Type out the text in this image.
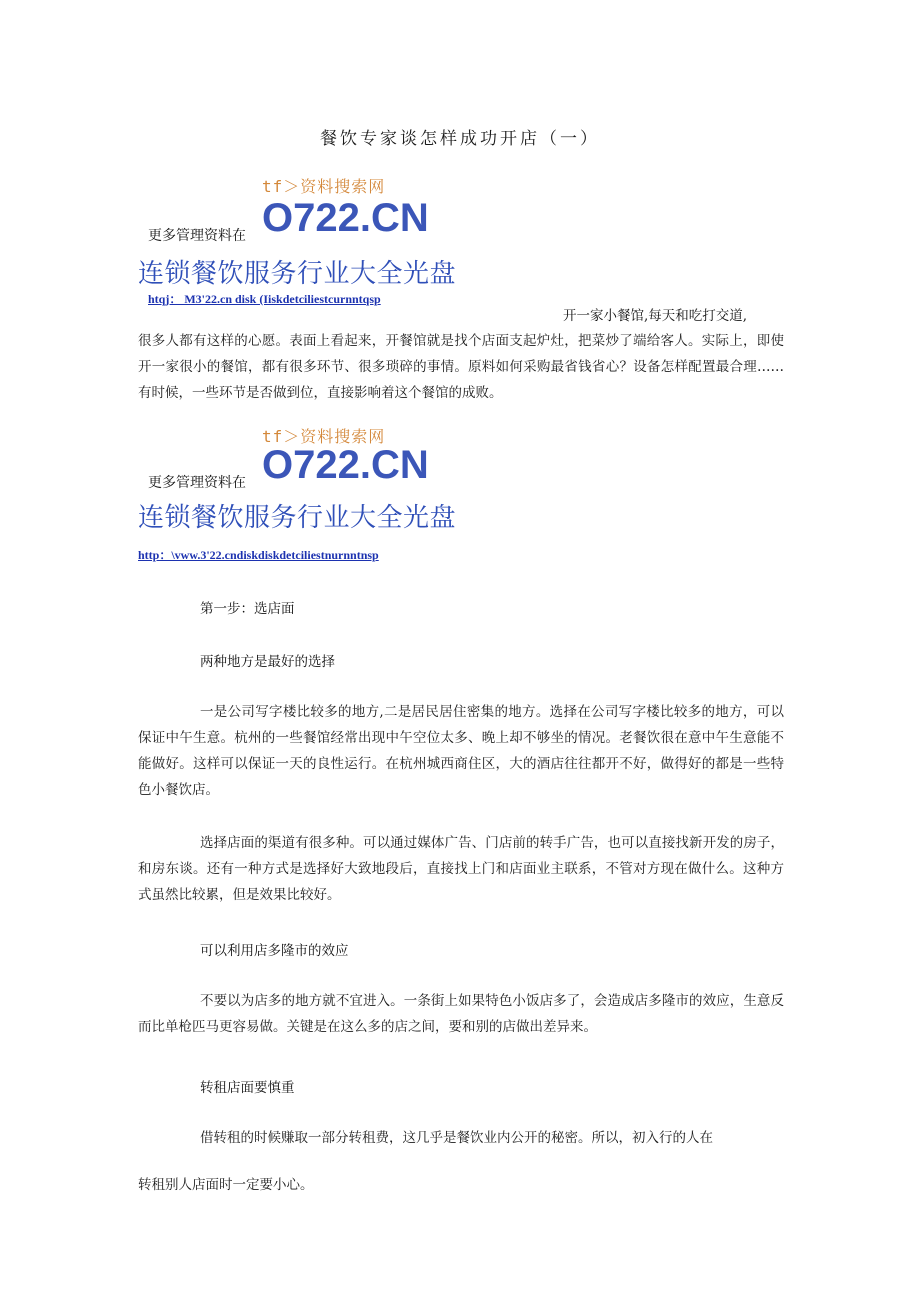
餐饮专家谈怎样成功开店（一）
tf＞资料搜索网
更多管理资料在 O722.CN
连锁餐饮服务行业大全光盘
htqj： M3'22.cn disk (Iiskdetciliestcurnntqsp
开一家小餐馆,每天和吃打交道,
很多人都有这样的心愿。表面上看起来，开餐馆就是找个店面支起炉灶，把菜炒了端给客人。实际上，即使开一家很小的餐馆，都有很多环节、很多琐碎的事情。原料如何采购最省钱省心？设备怎样配置最合理……有时候，一些环节是否做到位，直接影响着这个餐馆的成败。
tf＞资料搜索网
更多管理资料在 O722.CN
连锁餐饮服务行业大全光盘
http：\vww.3'22.cndiskdiskdetciliestnurnntnsp
第一步：选店面
两种地方是最好的选择
一是公司写字楼比较多的地方,二是居民居住密集的地方。选择在公司写字楼比较多的地方，可以保证中午生意。杭州的一些餐馆经常出现中午空位太多、晚上却不够坐的情况。老餐饮很在意中午生意能不能做好。这样可以保证一天的良性运行。在杭州城西商住区，大的酒店往往都开不好，做得好的都是一些特色小餐饮店。
选择店面的渠道有很多种。可以通过媒体广告、门店前的转手广告，也可以直接找新开发的房子，和房东谈。还有一种方式是选择好大致地段后，直接找上门和店面业主联系，不管对方现在做什么。这种方式虽然比较累，但是效果比较好。
可以利用店多隆市的效应
不要以为店多的地方就不宜进入。一条街上如果特色小饭店多了，会造成店多隆市的效应，生意反而比单枪匹马更容易做。关键是在这么多的店之间，要和别的店做出差异来。
转租店面要慎重
借转租的时候赚取一部分转租费，这几乎是餐饮业内公开的秘密。所以，初入行的人在
转租别人店面时一定要小心。
